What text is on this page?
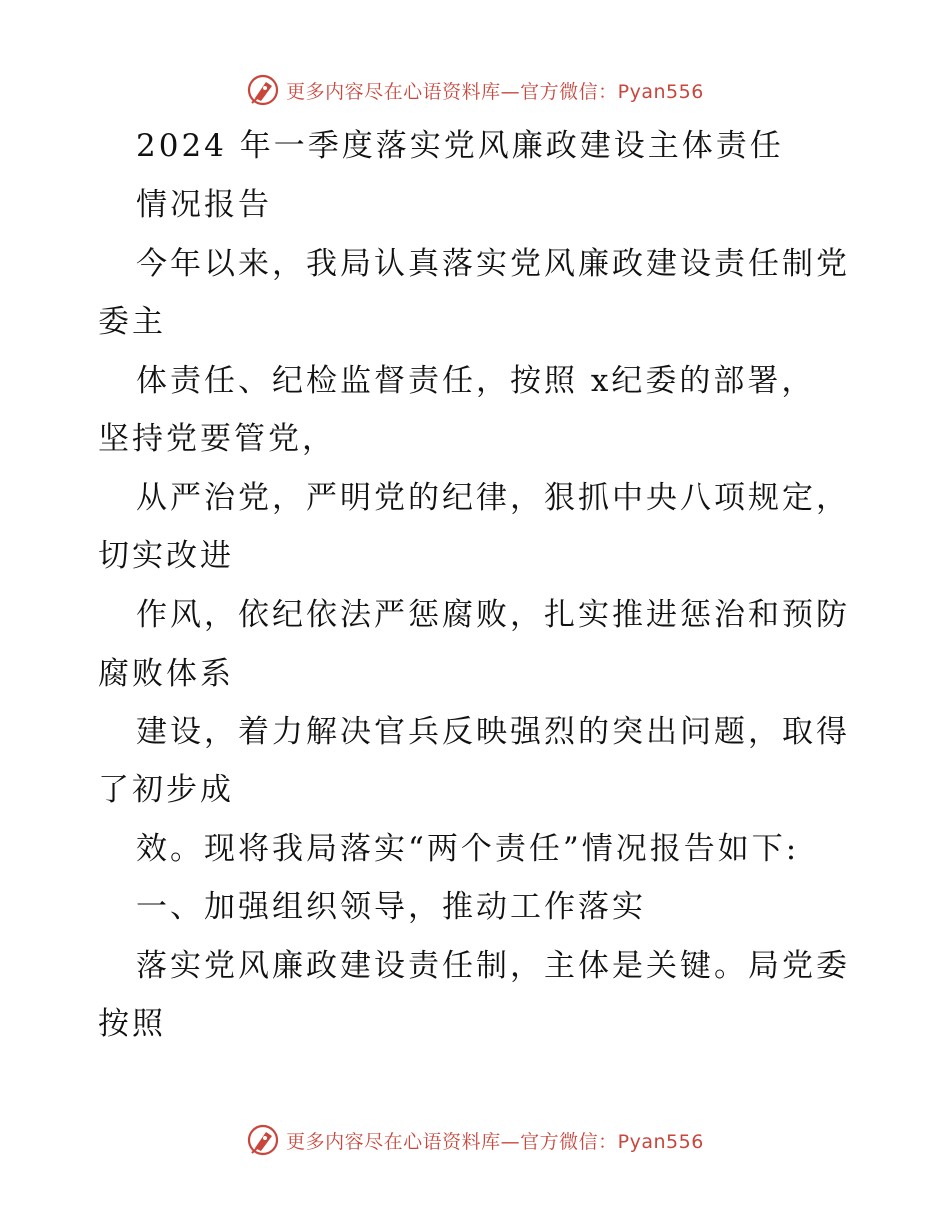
更多内容尽在心语资料库—官方微信：Pyan556
2024 年一季度落实党风廉政建设主体责任
情况报告
今年以来，我局认真落实党风廉政建设责任制党
委主
体责任、纪检监督责任，按照 x纪委的部署，
坚持党要管党，
从严治党，严明党的纪律，狠抓中央八项规定，
切实改进
作风，依纪依法严惩腐败，扎实推进惩治和预防
腐败体系
建设，着力解决官兵反映强烈的突出问题，取得
了初步成
效。现将我局落实“两个责任”情况报告如下:
一、加强组织领导，推动工作落实
落实党风廉政建设责任制，主体是关键。局党委
按照
更多内容尽在心语资料库—官方微信：Pyan556
